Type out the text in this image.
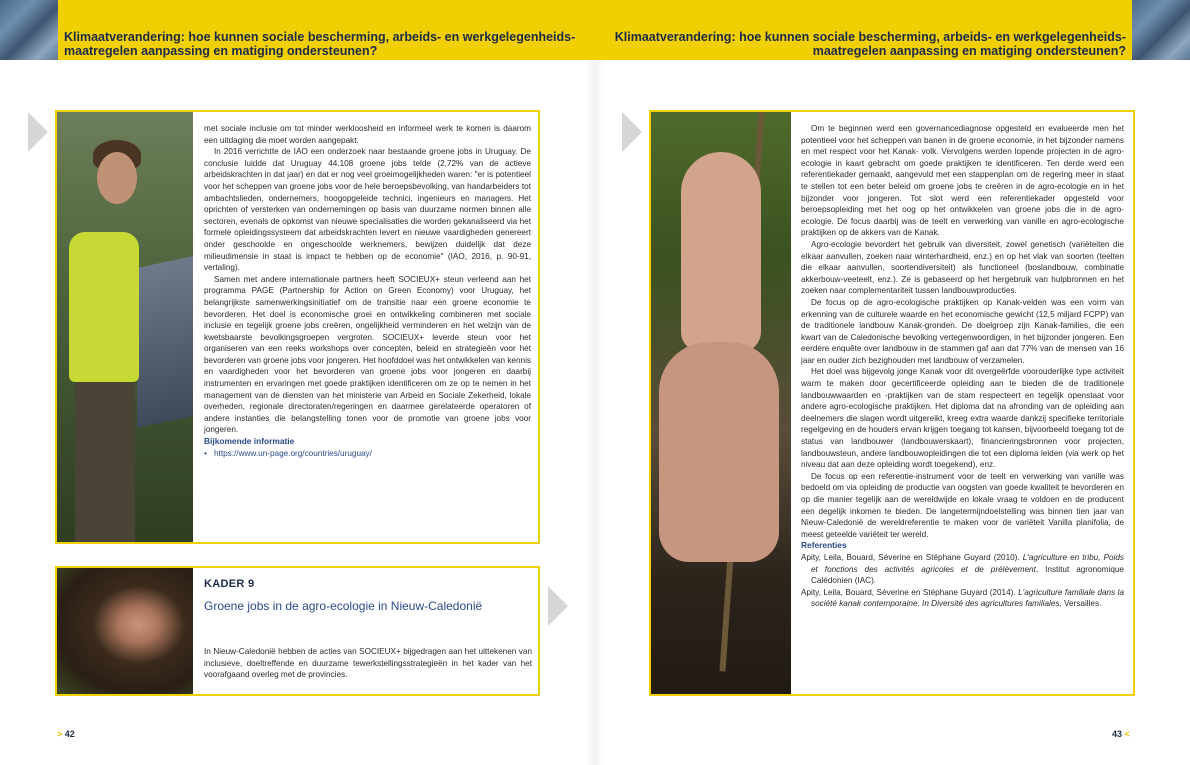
Klimaatverandering: hoe kunnen sociale bescherming, arbeids- en werkgelegenheids- maatregelen aanpassing en matiging ondersteunen?
Klimaatverandering: hoe kunnen sociale bescherming, arbeids- en werkgelegenheids- maatregelen aanpassing en matiging ondersteunen?

met sociale inclusie om tot minder werkloosheid en informeel werk te komen is daarom een uitdaging die moet worden aangepakt.

In 2016 verrichtte de IAO een onderzoek naar bestaande groene jobs in Uruguay. De conclusie luidde dat Uruguay 44.108 groene jobs telde (2,72% van de actieve arbeidskrachten in dat jaar) en dat er nog veel groeimogelijkheden waren: "er is potentieel voor het scheppen van groene jobs voor de hele beroepsbevolking, van handarbeiders tot ambachtslieden, ondernemers, hoogopgeleide technici, ingenieurs en managers. Het oprichten of versterken van ondernemingen op basis van duurzame normen binnen alle sectoren, evenals de opkomst van nieuwe specialisaties die worden gekanaliseerd via het formele opleidingssysteem dat arbeidskrachten levert en nieuwe vaardigheden genereert onder geschoolde en ongeschoolde werknemers, bewijzen duidelijk dat deze milieudimensie in staat is impact te hebben op de economie" (IAO, 2016, p. 90-91, vertaling).

Samen met andere internationale partners heeft SOCIEUX+ steun verleend aan het programma PAGE (Partnership for Action on Green Economy) voor Uruguay, het belangrijkste samenwerkingsinitiatief om de transitie naar een groene economie te bevorderen. Het doel is economische groei en ontwikkeling combineren met sociale inclusie en tegelijk groene jobs creëren, ongelijkheid verminderen en het welzijn van de kwetsbaarste bevolkingsgroepen vergroten. SOCIEUX+ leverde steun voor het organiseren van een reeks workshops over concepten, beleid en strategieën voor het bevorderen van groene jobs voor jongeren. Het hoofddoel was het ontwikkelen van kennis en vaardigheden voor het bevorderen van groene jobs voor jongeren en daarbij instrumenten en ervaringen met goede praktijken identificeren om ze op te nemen in het management van de diensten van het ministerie van Arbeid en Sociale Zekerheid, lokale overheden, regionale directoraten/regeringen en daarmee gerelateerde operatoren of andere instanties die belangstelling tonen voor de promotie van groene jobs voor jongeren.

Bijkomende informatie

• https://www.un-page.org/countries/uruguay/
KADER 9
Groene jobs in de agro-ecologie in Nieuw-Caledonië
In Nieuw-Caledonië hebben de acties van SOCIEUX+ bijgedragen aan het uittekenen van inclusieve, doeltreffende en duurzame tewerkstellingsstrategieën in het kader van het voorafgaand overleg met de provincies.
> 42

Om te beginnen werd een governancediagnose opgesteld en evalueerde men het potentieel voor het scheppen van banen in de groene economie, in het bijzonder namens en met respect voor het Kanak- volk. Vervolgens werden lopende projecten in de agro-ecologie in kaart gebracht om goede praktijken te identificeren. Ten derde werd een referentiekader gemaakt, aangevuld met een stappenplan om de regering meer in staat te stellen tot een beter beleid om groene jobs te creëren in de agro-ecologie en in het bijzonder voor jongeren. Tot slot werd een referentiekader opgesteld voor beroepsopleiding met het oog op het ontwikkelen van groene jobs die in de agro-ecologie. De focus daarbij was de teelt en verwerking van vanille en agro-ecologische praktijken op de akkers van de Kanak.

Agro-ecologie bevordert het gebruik van diversiteit, zowel genetisch (variëteiten die elkaar aanvullen, zoeken naar winterhardheid, enz.) en op het vlak van soorten (teelten die elkaar aanvullen, soortendiversiteit) als functioneel (boslandbouw, combinatie akkerbouw-veeteelt, enz.). Ze is gebaseerd op het hergebruik van hulpbronnen en het zoeken naar complementariteit tussen landbouwproducties.

De focus op de agro-ecologische praktijken op Kanak-velden was een vorm van erkenning van de culturele waarde en het economische gewicht (12,5 miljard FCPP) van de traditionele landbouw Kanak-gronden. De doelgroep zijn Kanak-families, die een kwart van de Caledonische bevolking vertegenwoordigen, in het bijzonder jongeren. Een eerdere enquête over landbouw in de stammen gaf aan dat 77% van de mensen van 16 jaar en ouder zich bezighouden met landbouw of verzamelen.

Het doel was bijgevolg jonge Kanak voor dit overgeërfde voorouderlijke type activiteit warm te maken door gecertificeerde opleiding aan te bieden die de traditionele landbouwwaarden en -praktijken van de stam respecteert en tegelijk openstaat voor andere agro-ecologische praktijken. Het diploma dat na afronding van de opleiding aan deelnemers die slagen wordt uitgereikt, kreeg extra waarde dankzij specifieke territoriale regelgeving en de houders ervan krijgen toegang tot kansen, bijvoorbeeld toegang tot de status van landbouwer (landbouwerskaart), financieringsbronnen voor projecten, landbouwsteun, andere landbouwopleidingen die tot een diploma leiden (via werk op het niveau dat aan deze opleiding wordt toegekend), enz.

De focus op een referentie-instrument voor de teelt en verwerking van vanille was bedoeld om via opleiding de productie van oogsten van goede kwaliteit te bevorderen en op die manier tegelijk aan de wereldwijde en lokale vraag te voldoen en de producent een degelijk inkomen te bieden. De langetermijndoelstelling was binnen tien jaar van Nieuw-Caledonië de wereldreferentie te maken voor de variëteit Vanilla planifolia, de meest geteelde variëteit ter wereld.

Referenties

Apity, Leila, Bouard, Séverine en Stéphane Guyard (2010). L'agriculture en tribu, Poids et fonctions des activités agricoles et de prélèvement, Institut agronomique Calédonien (IAC).

Apity, Leila, Bouard, Séverine en Stéphane Guyard (2014). L'agriculture familiale dans la société kanak contemporaine. In Diversité des agricultures familiales, Versailles.

43 <
